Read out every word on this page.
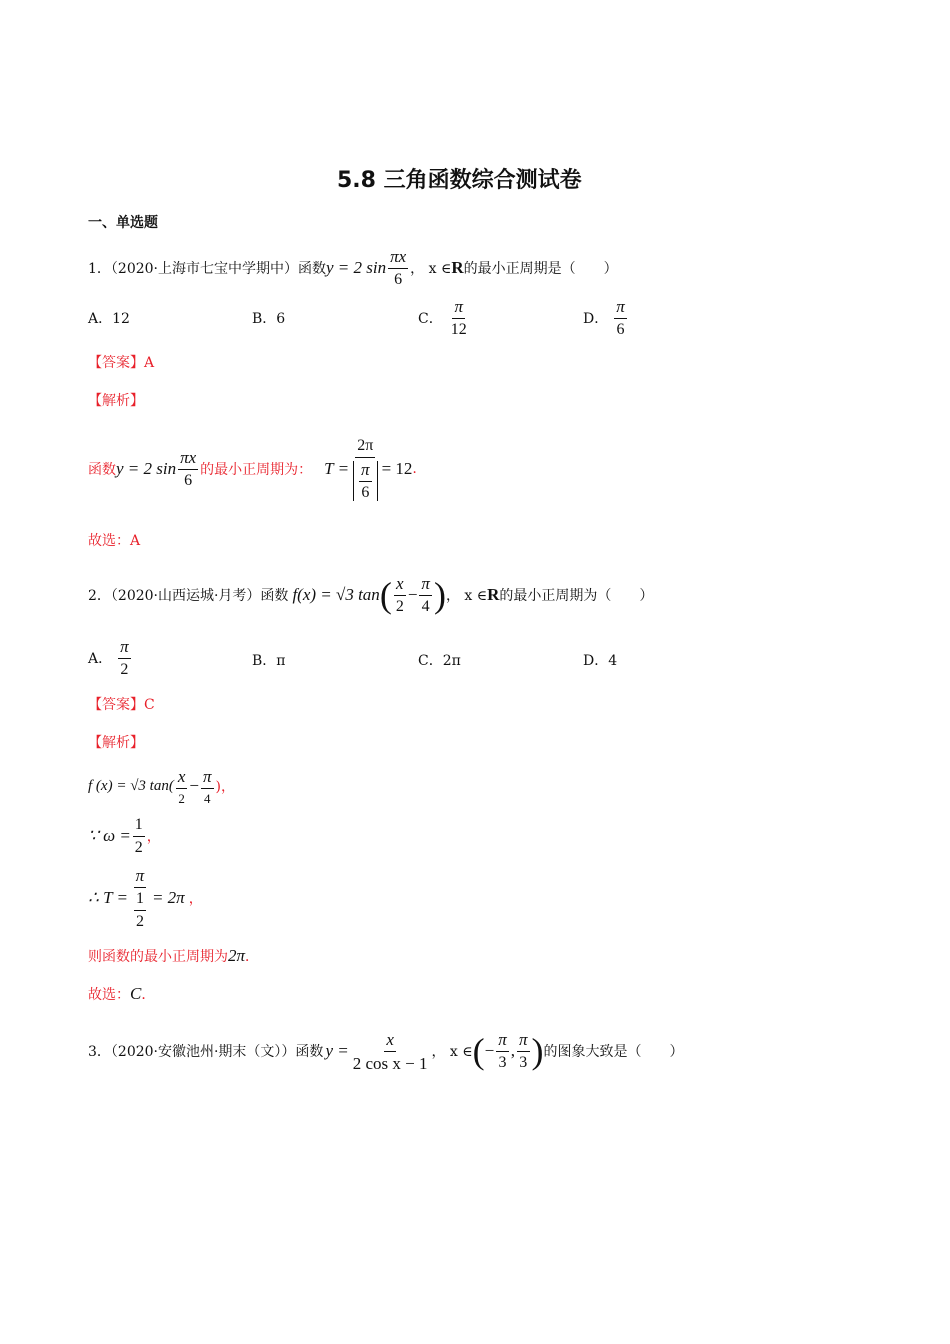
5.8 三角函数综合测试卷
一、单选题
1．（2020·上海市七宝中学期中）函数 y = 2 $\sin \frac{\pi x}{6}$ ， x ∈ R 的最小正周期是（　　）
A．12	B．6	C． $\frac{\pi}{12}$	D． $\frac{\pi}{6}$
【答案】A
【解析】
函数 y = 2 $\sin \frac{\pi x}{6}$ 的最小正周期为： $T = \frac{2\pi}{\frac{\pi}{6}} = 12$ .
故选：A
2．（2020·山西运城·月考）函数 f(x) = √3 tan ( $\frac{x}{2} - \frac{\pi}{4}$ ) ， x ∈ R 的最小正周期为（　　）
A． $\frac{\pi}{2}$	B．π	C．2π	D．4
【答案】C
【解析】
f (x) = √3 $\tan( \frac{x}{2} - \frac{\pi}{4}$ )，
∵ $\omega = \frac{1}{2}$ ，
∴ $T = \frac{\pi}{\frac{1}{2}} = 2\pi$ ，
则函数的最小正周期为 2π ．
故选： C ．
3．（2020·安徽池州·期末（文））函数 $y = \frac{x}{\text{2 cos x − 1}}$ ， x ∈ ( − $\frac{\pi}{3}$ , $\frac{\pi}{3}$ ) 的图象大致是（　　）
